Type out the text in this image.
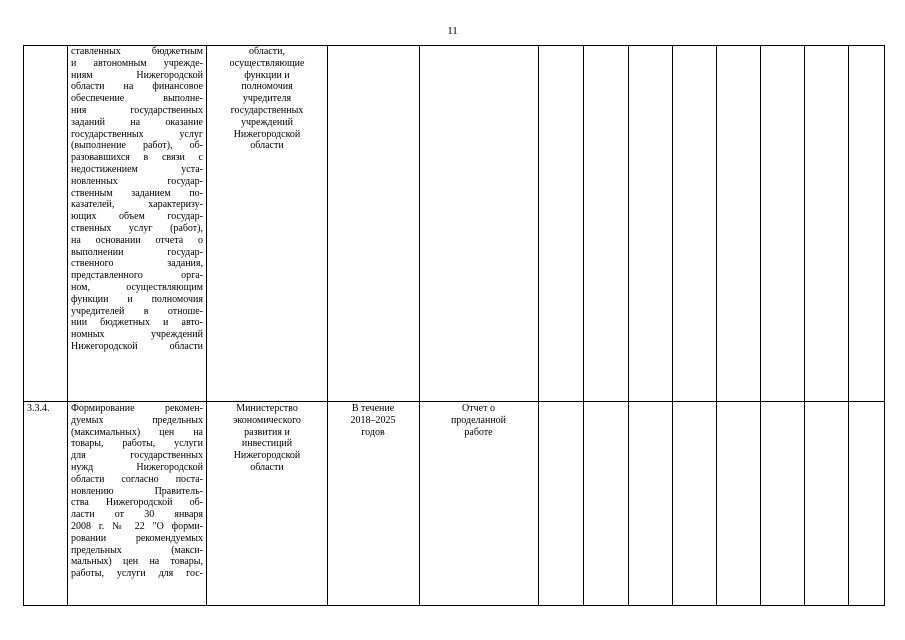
11
ставленных бюджетным
и автономным учрежде-
ниям Нижегородской
области на финансовое
обеспечение выполне-
ния государственных
заданий на оказание
государственных услуг
(выполнение работ), об-
разовавшихся в связи с
недостижением уста-
новленных государ-
ственным заданием по-
казателей, характеризу-
ющих объем государ-
ственных услуг (работ),
на основании отчета о
выполнении государ-
ственного задания,
представленного орга-
ном, осуществляющим
функции и полномочия
учредителей в отноше-
нии бюджетных и авто-
номных учреждений
Нижегородской области
области,
осуществляющие
функции и
полномочия
учредителя
государственных
учреждений
Нижегородской
области
3.3.4.	Формирование рекомен-
дуемых предельных
(максимальных) цен на
товары, работы, услуги
для государственных
нужд Нижегородской
области согласно поста-
новлению Правитель-
ства Нижегородской об-
ласти от 30 января
2008 г. № 22 "О форми-
ровании рекомендуемых
предельных (макси-
мальных) цен на товары,
работы, услуги для гос-
Министерство
экономического
развития и
инвестиций
Нижегородской
области
В течение
2018–2025
годов
Отчет о
проделанной
работе
